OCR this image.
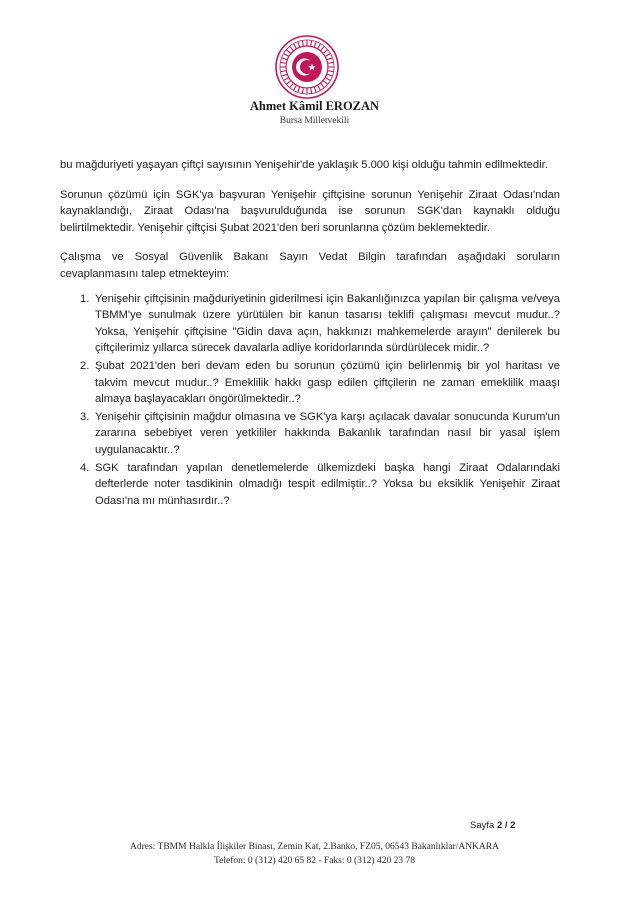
Ahmet Kâmil EROZAN
Bursa Milletvekili

bu mağduriyeti yaşayan çiftçi sayısının Yenişehir'de yaklaşık 5.000 kişi olduğu tahmin edilmektedir.

Sorunun çözümü için SGK'ya başvuran Yenişehir çiftçisine sorunun Yenişehir Ziraat Odası'ndan kaynaklandığı, Ziraat Odası'na başvurulduğunda ise sorunun SGK'dan kaynaklı olduğu belirtilmektedir. Yenişehir çiftçisi Şubat 2021'den beri sorunlarına çözüm beklemektedir.

Çalışma ve Sosyal Güvenlik Bakanı Sayın Vedat Bilgin tarafından aşağıdaki soruların cevaplanmasını talep etmekteyim:

1. Yenişehir çiftçisinin mağduriyetinin giderilmesi için Bakanlığınızca yapılan bir çalışma ve/veya TBMM'ye sunulmak üzere yürütülen bir kanun tasarısı teklifi çalışması mevcut mudur..? Yoksa, Yenişehir çiftçisine "Gidin dava açın, hakkınızı mahkemelerde arayın" denilerek bu çiftçilerimiz yıllarca sürecek davalarla adliye koridorlarında sürdürülecek midir..?
2. Şubat 2021'den beri devam eden bu sorunun çözümü için belirlenmiş bir yol haritası ve takvim mevcut mudur..? Emeklilik hakkı gasp edilen çiftçilerin ne zaman emeklilik maaşı almaya başlayacakları öngörülmektedir..?
3. Yenişehir çiftçisinin mağdur olmasına ve SGK'ya karşı açılacak davalar sonucunda Kurum'un zararına sebebiyet veren yetkililer hakkında Bakanlık tarafından nasıl bir yasal işlem uygulanacaktır..?
4. SGK tarafından yapılan denetlemelerde ülkemizdeki başka hangi Ziraat Odalarındaki defterlerde noter tasdikinin olmadığı tespit edilmiştir..? Yoksa bu eksiklik Yenişehir Ziraat Odası'na mı münhasırdır..?
Sayfa 2 / 2
Adres: TBMM Halkla İlişkiler Binası, Zemin Kat, 2.Banko, FZ05, 06543 Bakanlıklar/ANKARA
Telefon: 0 (312) 420 65 82 - Faks: 0 (312) 420 23 78
